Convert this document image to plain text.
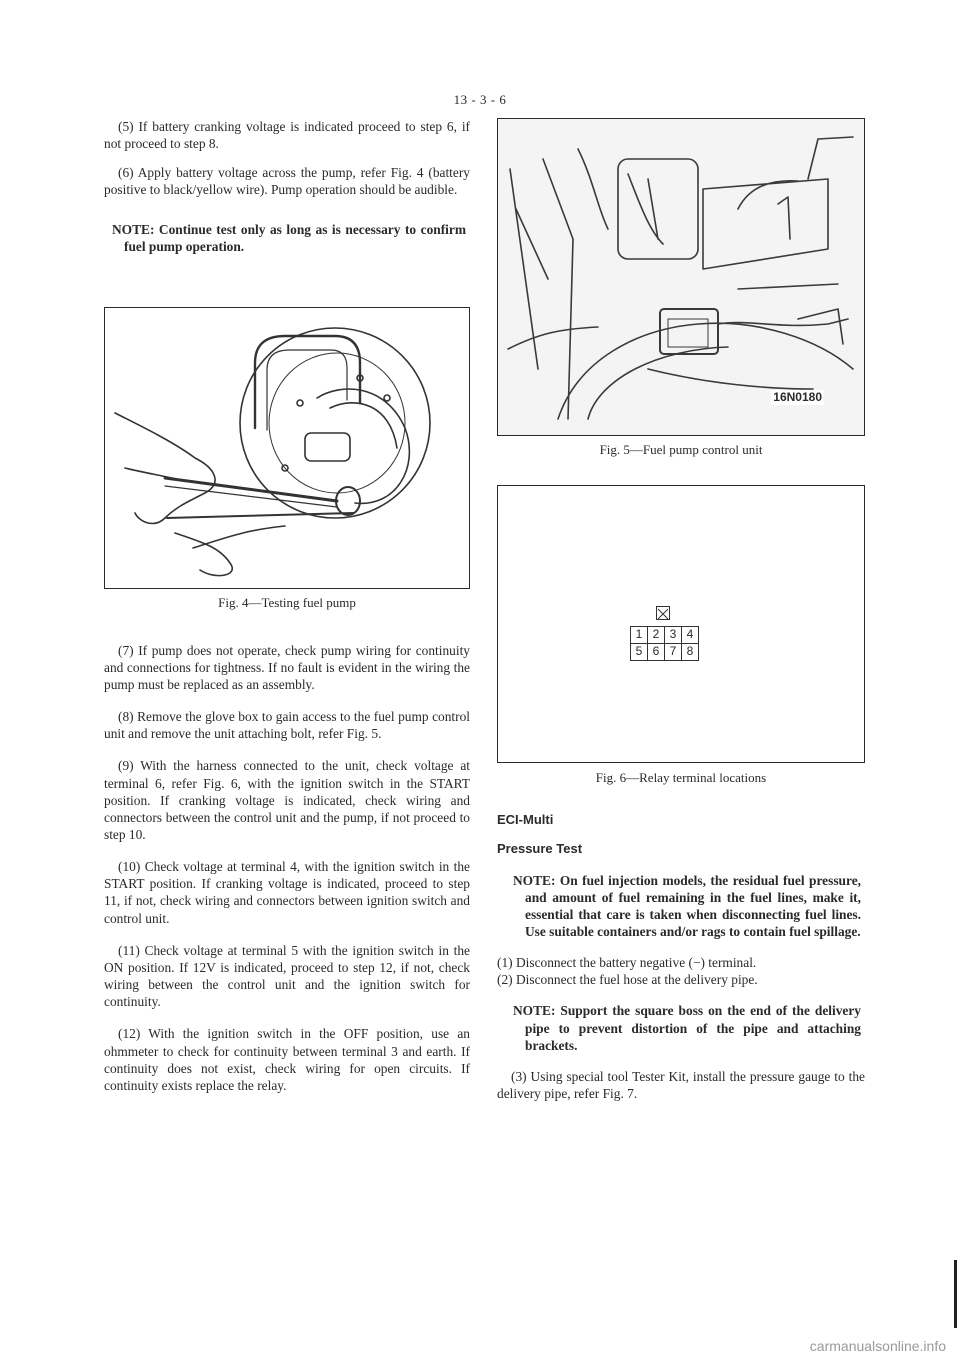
13 - 3 - 6

(5) If battery cranking voltage is indicated proceed to step 6, if not proceed to step 8.

(6) Apply battery voltage across the pump, refer Fig. 4 (battery positive to black/yellow wire). Pump operation should be audible.

NOTE: Continue test only as long as is necessary to confirm fuel pump operation.

Fig. 4—Testing fuel pump

(7) If pump does not operate, check pump wiring for continuity and connections for tightness. If no fault is evident in the wiring the pump must be replaced as an assembly.

(8) Remove the glove box to gain access to the fuel pump control unit and remove the unit attaching bolt, refer Fig. 5.

(9) With the harness connected to the unit, check voltage at terminal 6, refer Fig. 6, with the ignition switch in the START position. If cranking voltage is indicated, check wiring and connectors between the control unit and the pump, if not proceed to step 10.

(10) Check voltage at terminal 4, with the ignition switch in the START position. If cranking voltage is indicated, proceed to step 11, if not, check wiring and connectors between ignition switch and control unit.

(11) Check voltage at terminal 5 with the ignition switch in the ON position. If 12V is indicated, proceed to step 12, if not, check wiring between the control unit and the ignition switch for continuity.

(12) With the ignition switch in the OFF position, use an ohmmeter to check for continuity between terminal 3 and earth. If continuity does not exist, check wiring for open circuits. If continuity exists replace the relay.

16N0180

Fig. 5—Fuel pump control unit

1	2	3	4
5	6	7	8

Fig. 6—Relay terminal locations

ECI-Multi
Pressure Test

NOTE: On fuel injection models, the residual fuel pressure, and amount of fuel remaining in the fuel lines, make it, essential that care is taken when disconnecting fuel lines. Use suitable containers and/or rags to contain fuel spillage.

(1) Disconnect the battery negative (−) terminal.

(2) Disconnect the fuel hose at the delivery pipe.

NOTE: Support the square boss on the end of the delivery pipe to prevent distortion of the pipe and attaching brackets.

(3) Using special tool Tester Kit, install the pressure gauge to the delivery pipe, refer Fig. 7.

carmanualsonline.info
